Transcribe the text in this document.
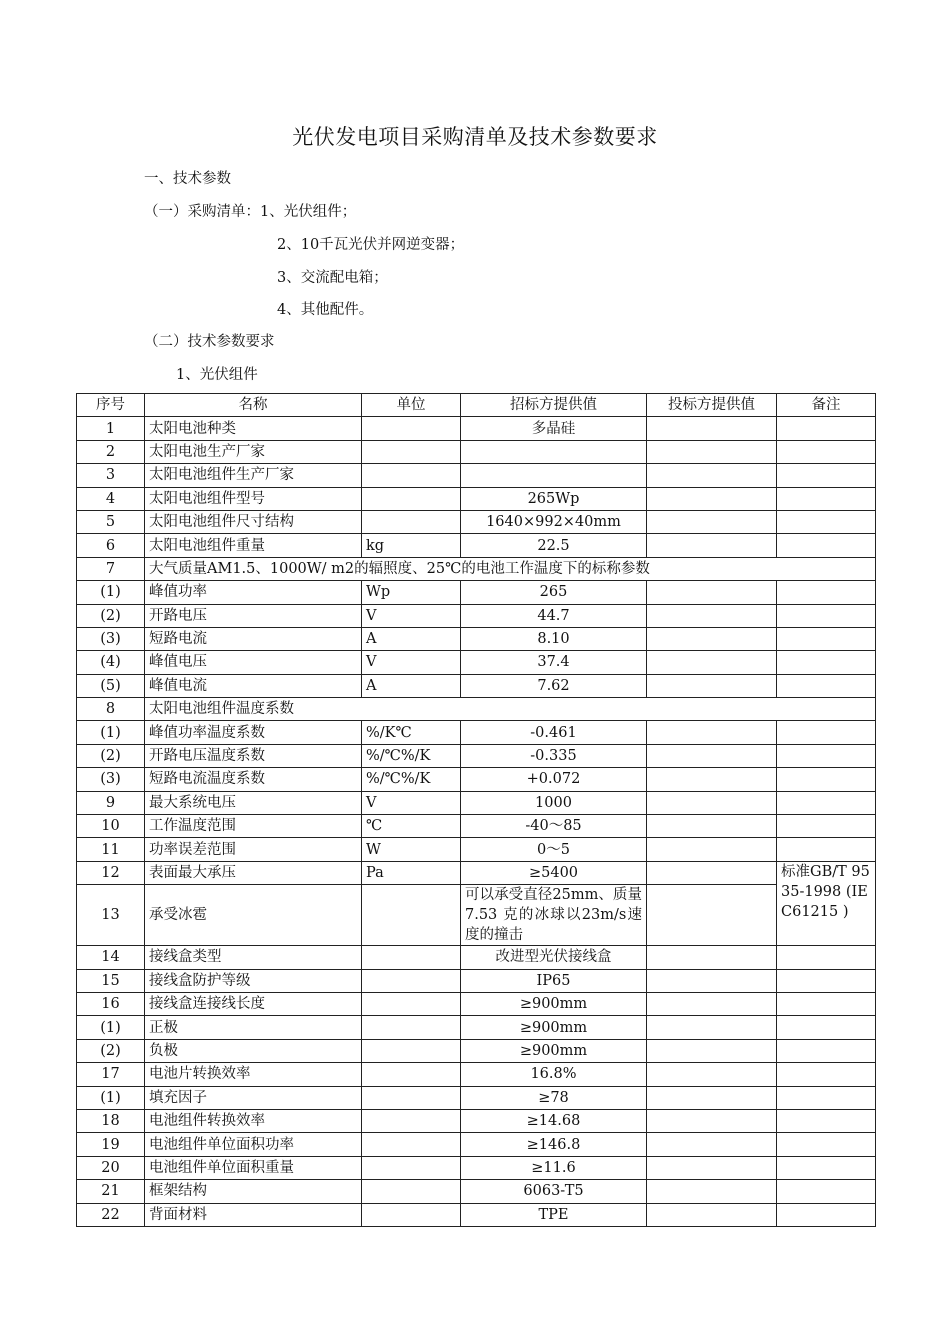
光伏发电项目采购清单及技术参数要求
一、技术参数
（一）采购清单：1、光伏组件；
2、10千瓦光伏并网逆变器；
3、交流配电箱；
4、其他配件。
（二）技术参数要求
1、光伏组件
序号	名称	单位	招标方提供值	投标方提供值	备注
1	太阳电池种类		多晶硅		
2	太阳电池生产厂家				
3	太阳电池组件生产厂家				
4	太阳电池组件型号		265Wp		
5	太阳电池组件尺寸结构		1640×992×40mm		
6	太阳电池组件重量	kg	22.5		
7	大气质量AM1.5、1000W/ m2的辐照度、25℃的电池工作温度下的标称参数				
(1)	峰值功率	Wp	265		
(2)	开路电压	V	44.7		
(3)	短路电流	A	8.10		
(4)	峰值电压	V	37.4		
(5)	峰值电流	A	7.62		
8	太阳电池组件温度系数				
(1)	峰值功率温度系数	%/K℃	-0.461		
(2)	开路电压温度系数	%/℃%/K	-0.335		
(3)	短路电流温度系数	%/℃%/K	+0.072		
9	最大系统电压	V	1000		
10	工作温度范围	℃	-40～85		
11	功率误差范围	W	0～5		
12	表面最大承压	Pa	≥5400		标准GB/T 9535-1998 (IEC61215 )
13	承受冰雹		可以承受直径25mm、质量 7.53 克的冰球以23m/s速度的撞击		
14	接线盒类型		改进型光伏接线盒		
15	接线盒防护等级		IP65		
16	接线盒连接线长度		≥900mm		
(1)	正极		≥900mm		
(2)	负极		≥900mm		
17	电池片转换效率		16.8%		
(1)	填充因子		≥78		
18	电池组件转换效率		≥14.68		
19	电池组件单位面积功率		≥146.8		
20	电池组件单位面积重量		≥11.6		
21	框架结构		6063-T5		
22	背面材料		TPE		
